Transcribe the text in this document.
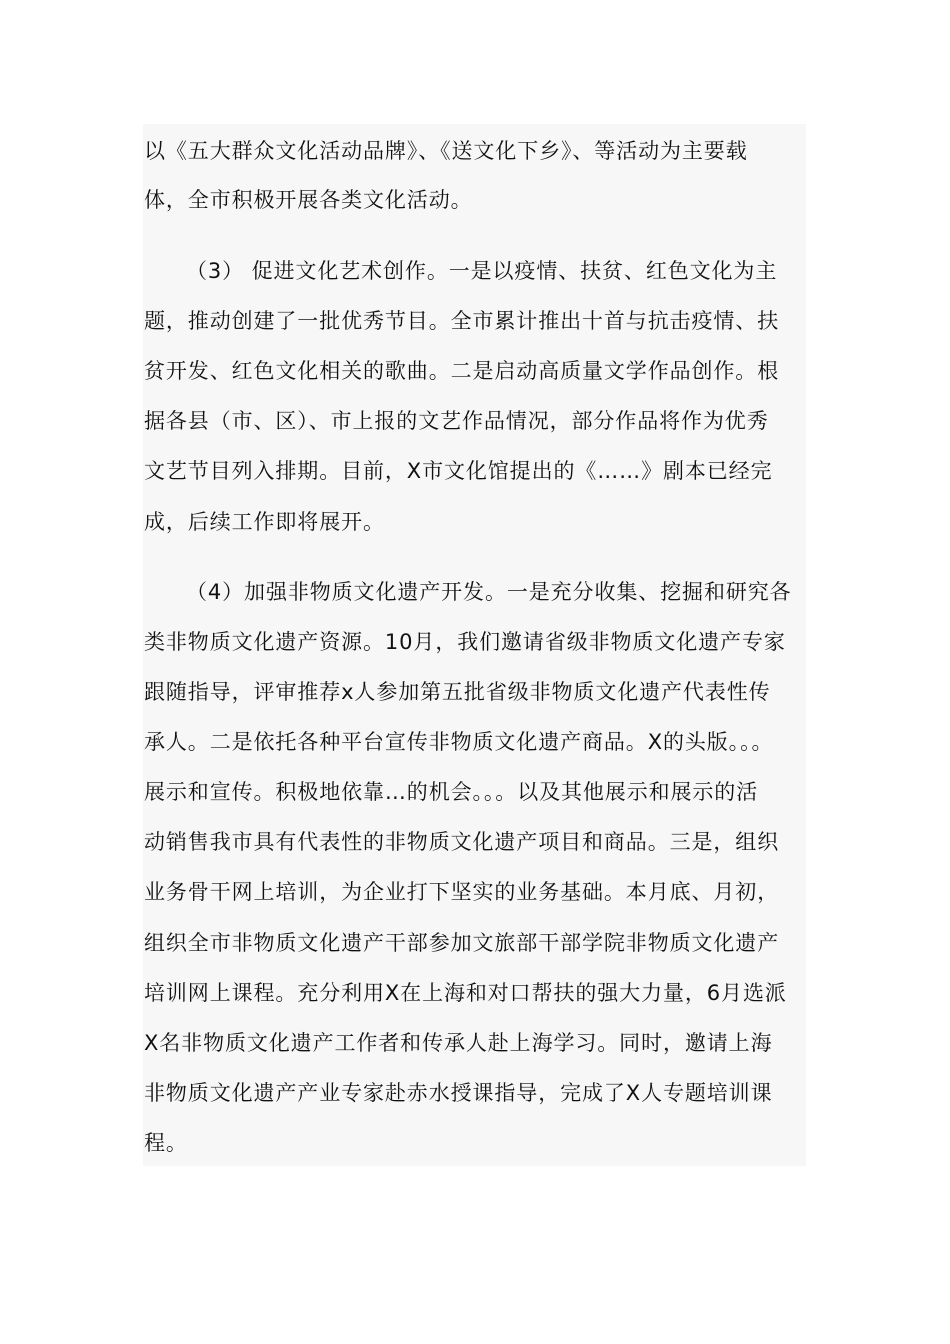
以《五大群众文化活动品牌》、《送文化下乡》、等活动为主要载
体，全市积极开展各类文化活动。
（3） 促进文化艺术创作。一是以疫情、扶贫、红色文化为主
题，推动创建了一批优秀节目。全市累计推出十首与抗击疫情、扶
贫开发、红色文化相关的歌曲。二是启动高质量文学作品创作。根
据各县（市、区）、市上报的文艺作品情况，部分作品将作为优秀
文艺节目列入排期。目前，X市文化馆提出的《……》剧本已经完
成，后续工作即将展开。
（4）加强非物质文化遗产开发。一是充分收集、挖掘和研究各
类非物质文化遗产资源。10月，我们邀请省级非物质文化遗产专家
跟随指导，评审推荐x人参加第五批省级非物质文化遗产代表性传
承人。二是依托各种平台宣传非物质文化遗产商品。X的头版。。。
展示和宣传。积极地依靠…的机会。。。以及其他展示和展示的活
动销售我市具有代表性的非物质文化遗产项目和商品。三是，组织
业务骨干网上培训，为企业打下坚实的业务基础。本月底、月初，
组织全市非物质文化遗产干部参加文旅部干部学院非物质文化遗产
培训网上课程。充分利用X在上海和对口帮扶的强大力量，6月选派
X名非物质文化遗产工作者和传承人赴上海学习。同时，邀请上海
非物质文化遗产产业专家赴赤水授课指导，完成了X人专题培训课
程。
